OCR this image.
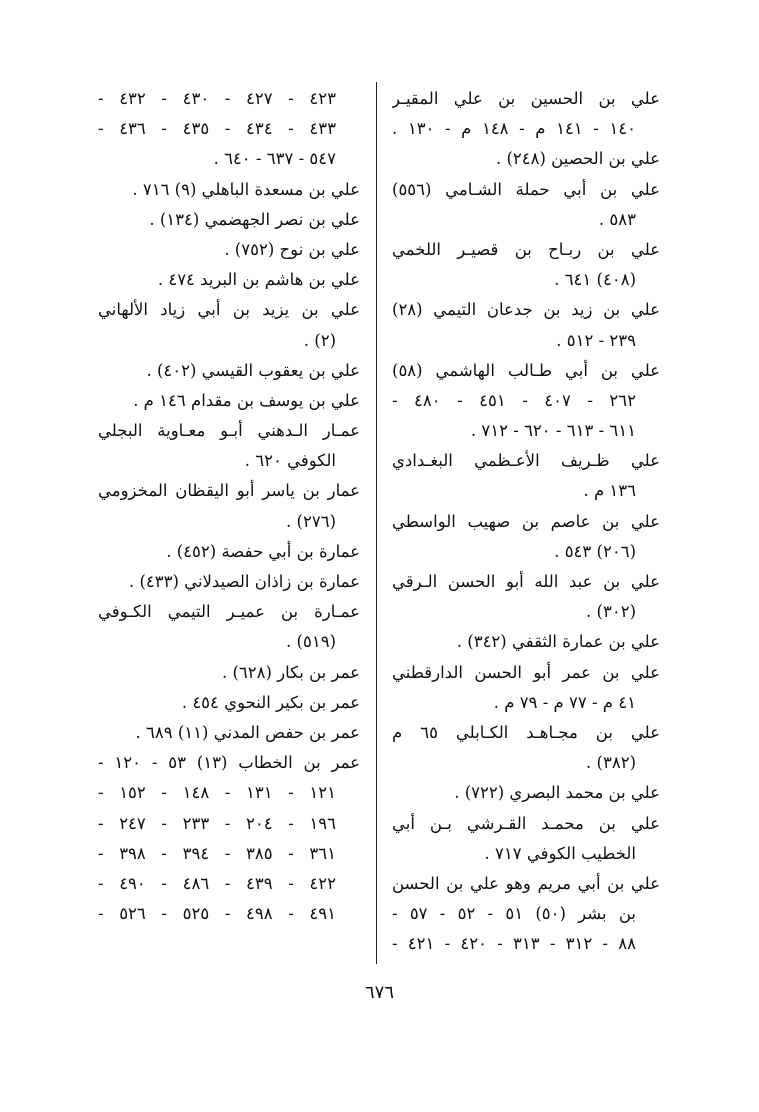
علي بن الحسين بن علي المقيـر
١٤٠ - ١٤١ م - ١٤٨ م - ١٣٠ .
علي بن الحصين (٢٤٨) .
علي بن أبي حملة الشـامي (٥٥٦)
٥٨٣ .
علي بن ربـاح بن قصيـر اللخمي
(٤٠٨) ٦٤١ .
علي بن زيد بن جدعان التيمي (٢٨)
٢٣٩ - ٥١٢ .
علي بن أبي طـالب الهاشمي (٥٨)
٢٦٢ - ٤٠٧ - ٤٥١ - ٤٨٠ -
٦١١ - ٦١٣ - ٦٢٠ - ٧١٢ .
علي ظـريف الأعـظمي البغـدادي
١٣٦ م .
علي بن عاصم بن صهيب الواسطي
(٢٠٦) ٥٤٣ .
علي بن عبد الله أبو الحسن الـرقي
(٣٠٢) .
علي بن عمارة الثقفي (٣٤٢) .
علي بن عمر أبو الحسن الدارقطني
٤١ م - ٧٧ م - ٧٩ م .
علي بن مجـاهـد الكـابلي ٦٥ م
(٣٨٢) .
علي بن محمد البصري (٧٢٢) .
علي بن محمـد القـرشي بـن أبي
الخطيب الكوفي ٧١٧ .
علي بن أبي مريم وهو علي بن الحسن
بن بشر (٥٠) ٥١ - ٥٢ - ٥٧ -
٨٨ - ٣١٢ - ٣١٣ - ٤٢٠ - ٤٢١ -
٤٢٣ - ٤٢٧ - ٤٣٠ - ٤٣٢ -
٤٣٣ - ٤٣٤ - ٤٣٥ - ٤٣٦ -
٥٤٧ - ٦٣٧ - ٦٤٠ .
علي بن مسعدة الباهلي (٩) ٧١٦ .
علي بن نصر الجهضمي (١٣٤) .
علي بن نوح (٧٥٢) .
علي بن هاشم بن البريد ٤٧٤ .
علي بن يزيد بن أبي زياد الألهاني
(٢) .
علي بن يعقوب القيسي (٤٠٢) .
علي بن يوسف بن مقدام ١٤٦ م .
عمـار الـدهني أبـو معـاوية البجلي
الكوفي ٦٢٠ .
عمار بن ياسر أبو اليقظان المخزومي
(٢٧٦) .
عمارة بن أبي حفصة (٤٥٢) .
عمارة بن زاذان الصيدلاني (٤٣٣) .
عمـارة بن عميـر التيمي الكـوفي
(٥١٩) .
عمر بن بكار (٦٢٨) .
عمر بن بكير النحوي ٤٥٤ .
عمر بن حفص المدني (١١) ٦٨٩ .
عمر بن الخطاب (١٣) ٥٣ - ١٢٠ -
١٢١ - ١٣١ - ١٤٨ - ١٥٢ -
١٩٦ - ٢٠٤ - ٢٣٣ - ٢٤٧ -
٣٦١ - ٣٨٥ - ٣٩٤ - ٣٩٨ -
٤٢٢ - ٤٣٩ - ٤٨٦ - ٤٩٠ -
٤٩١ - ٤٩٨ - ٥٢٥ - ٥٢٦ -
٦٧٦
